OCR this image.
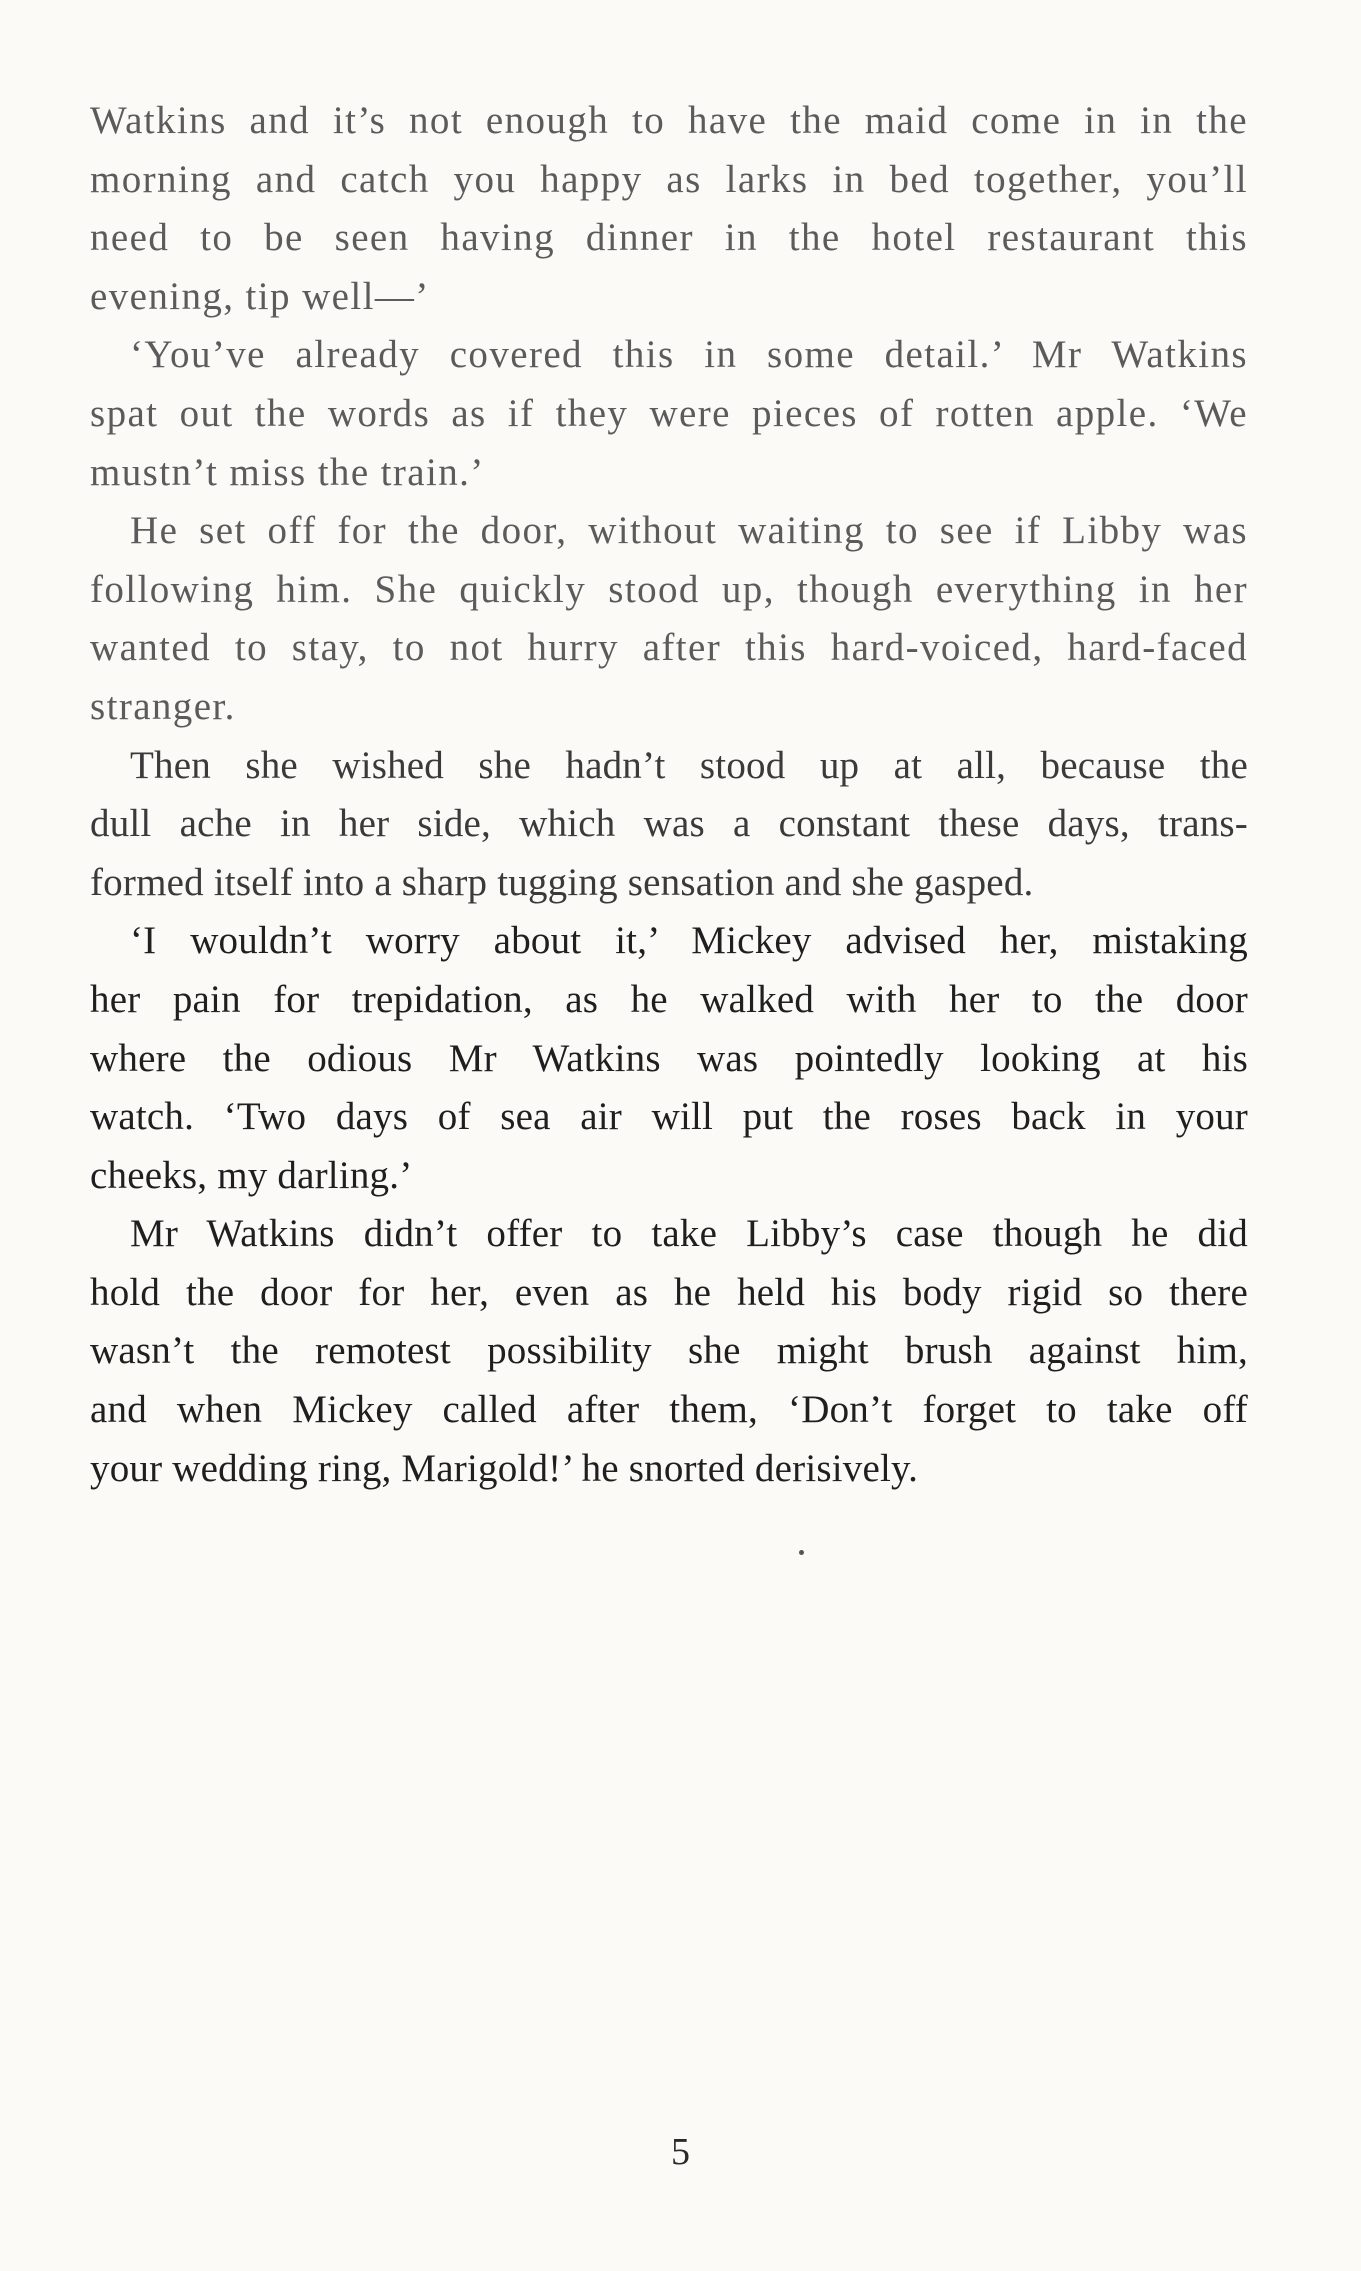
Watkins and it’s not enough to have the maid come in in the
morning and catch you happy as larks in bed together, you’ll
need to be seen having dinner in the hotel restaurant this
evening, tip well—’
‘You’ve already covered this in some detail.’ Mr Watkins
spat out the words as if they were pieces of rotten apple. ‘We
mustn’t miss the train.’
He set off for the door, without waiting to see if Libby was
following him. She quickly stood up, though everything in her
wanted to stay, to not hurry after this hard-voiced, hard-faced
stranger.
Then she wished she hadn’t stood up at all, because the
dull ache in her side, which was a constant these days, trans-
formed itself into a sharp tugging sensation and she gasped.
‘I wouldn’t worry about it,’ Mickey advised her, mistaking
her pain for trepidation, as he walked with her to the door
where the odious Mr Watkins was pointedly looking at his
watch. ‘Two days of sea air will put the roses back in your
cheeks, my darling.’
Mr Watkins didn’t offer to take Libby’s case though he did
hold the door for her, even as he held his body rigid so there
wasn’t the remotest possibility she might brush against him,
and when Mickey called after them, ‘Don’t forget to take off
your wedding ring, Marigold!’ he snorted derisively.
5
